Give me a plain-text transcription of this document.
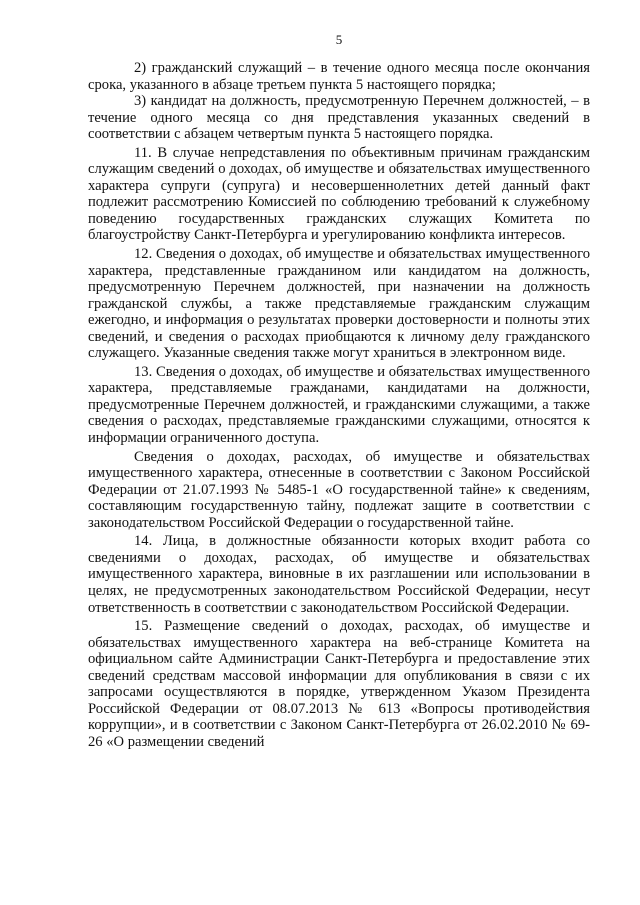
5

2) гражданский служащий – в течение одного месяца после окончания срока, указанного в абзаце третьем пункта 5 настоящего порядка;

3) кандидат на должность, предусмотренную Перечнем должностей, – в течение одного месяца со дня представления указанных сведений в соответствии с абзацем четвертым пункта 5 настоящего порядка.

11. В случае непредставления по объективным причинам гражданским служащим сведений о доходах, об имуществе и обязательствах имущественного характера супруги (супруга) и несовершеннолетних детей данный факт подлежит рассмотрению Комиссией по соблюдению требований к служебному поведению государственных гражданских служащих Комитета по благоустройству Санкт-Петербурга и урегулированию конфликта интересов.

12. Сведения о доходах, об имуществе и обязательствах имущественного характера, представленные гражданином или кандидатом на должность, предусмотренную Перечнем должностей, при назначении на должность гражданской службы, а также представляемые гражданским служащим ежегодно, и информация о результатах проверки достоверности и полноты этих сведений, и сведения о расходах приобщаются к личному делу гражданского служащего. Указанные сведения также могут храниться в электронном виде.

13. Сведения о доходах, об имуществе и обязательствах имущественного характера, представляемые гражданами, кандидатами на должности, предусмотренные Перечнем должностей, и гражданскими служащими, а также сведения о расходах, представляемые гражданскими служащими, относятся к информации ограниченного доступа.

Сведения о доходах, расходах, об имуществе и обязательствах имущественного характера, отнесенные в соответствии с Законом Российской Федерации от 21.07.1993 № 5485-1 «О государственной тайне» к сведениям, составляющим государственную тайну, подлежат защите в соответствии с законодательством Российской Федерации о государственной тайне.

14. Лица, в должностные обязанности которых входит работа со сведениями о доходах, расходах, об имуществе и обязательствах имущественного характера, виновные в их разглашении или использовании в целях, не предусмотренных законодательством Российской Федерации, несут ответственность в соответствии с законодательством Российской Федерации.

15. Размещение сведений о доходах, расходах, об имуществе и обязательствах имущественного характера на веб-странице Комитета на официальном сайте Администрации Санкт-Петербурга и предоставление этих сведений средствам массовой информации для опубликования в связи с их запросами осуществляются в порядке, утвержденном Указом Президента Российской Федерации от 08.07.2013 № 613 «Вопросы противодействия коррупции», и в соответствии с Законом Санкт-Петербурга от 26.02.2010 № 69-26 «О размещении сведений
